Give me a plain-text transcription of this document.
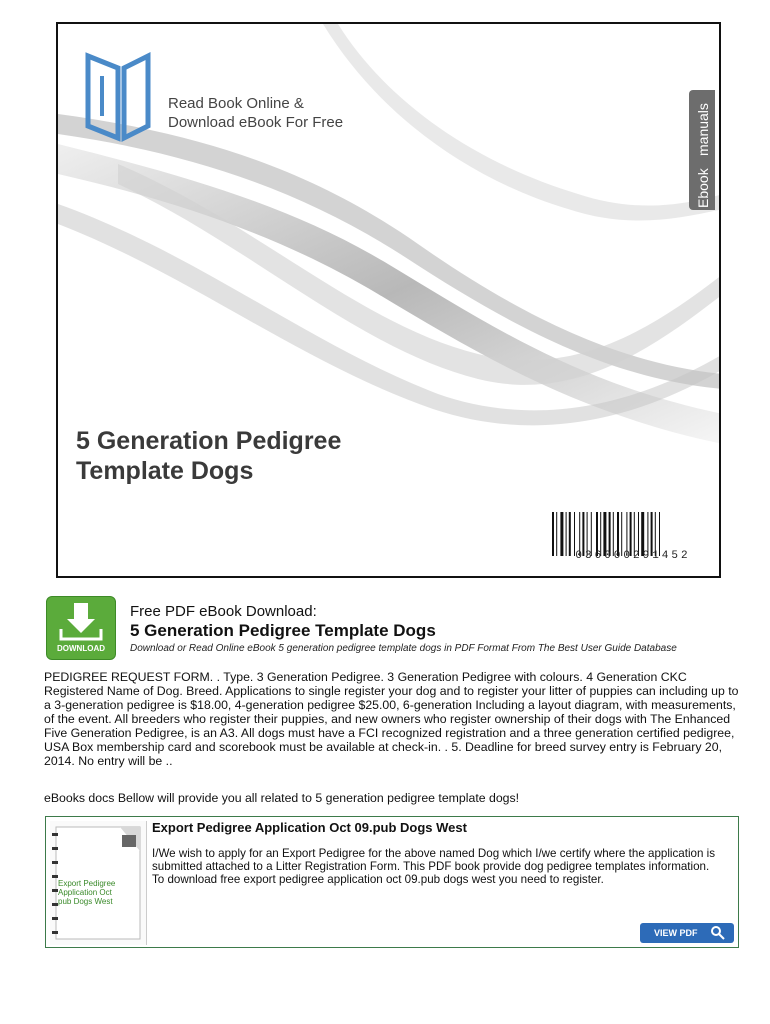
Read Book Online &
Download eBook For Free
Ebook
manuals
5 Generation Pedigree
Template Dogs
036000291452
DOWNLOAD
Free PDF eBook Download:
5 Generation Pedigree Template Dogs
Download or Read Online eBook 5 generation pedigree template dogs in PDF Format From The Best User Guide Database
PEDIGREE REQUEST FORM. . Type. 3 Generation Pedigree. 3 Generation Pedigree with colours. 4 Generation CKC Registered Name of Dog. Breed. Applications to single register your dog and to register your litter of puppies can including up to a 3-generation pedigree is $18.00, 4-generation pedigree $25.00, 6-generation Including a layout diagram, with measurements, of the event. All breeders who register their puppies, and new owners who register ownership of their dogs with The Enhanced Five Generation Pedigree, is an A3. All dogs must have a FCI recognized registration and a three generation certified pedigree, USA Box membership card and scorebook must be available at check-in. . 5. Deadline for breed survey entry is February 20, 2014. No entry will be ..
eBooks docs Bellow will provide you all related to 5 generation pedigree template dogs!
Export Pedigree
Application Oct
pub Dogs West
Export Pedigree Application Oct 09.pub Dogs West
I/We wish to apply for an Export Pedigree for the above named Dog which I/we certify where the application is submitted attached to a Litter Registration Form. This PDF book provide dog pedigree templates information. To download free export pedigree application oct 09.pub dogs west you need to register.
VIEW PDF
